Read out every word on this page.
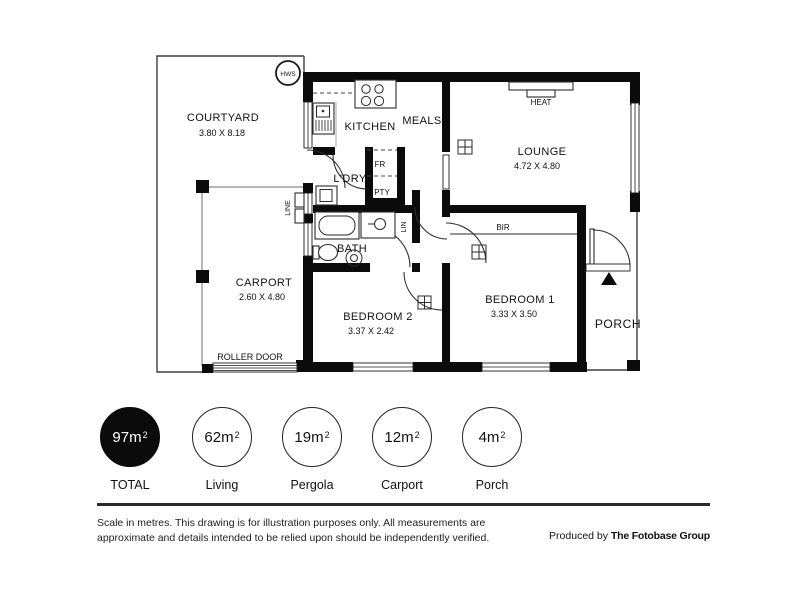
HWS
HEAT
LINE
LIN
COURTYARD
3.80 X 8.18	KITCHEN MEALS
LOUNGE
4.72 X 4.80
L'DRY
FR
PTY
BATH
CARPORT
2.60 X 4.80
ROLLER DOOR
BEDROOM 2
3.37 X 2.42
BEDROOM 1
3.33 X 3.50
BIR
PORCH
97m 2	62m 2	19m 2	12m 2	4m 2
TOTAL	Living	Pergola	Carport	Porch
Scale in metres. This drawing is for illustration purposes only. All measurements are
approximate and details intended to be relied upon should be independently verified.	Produced by The Fotobase Group
